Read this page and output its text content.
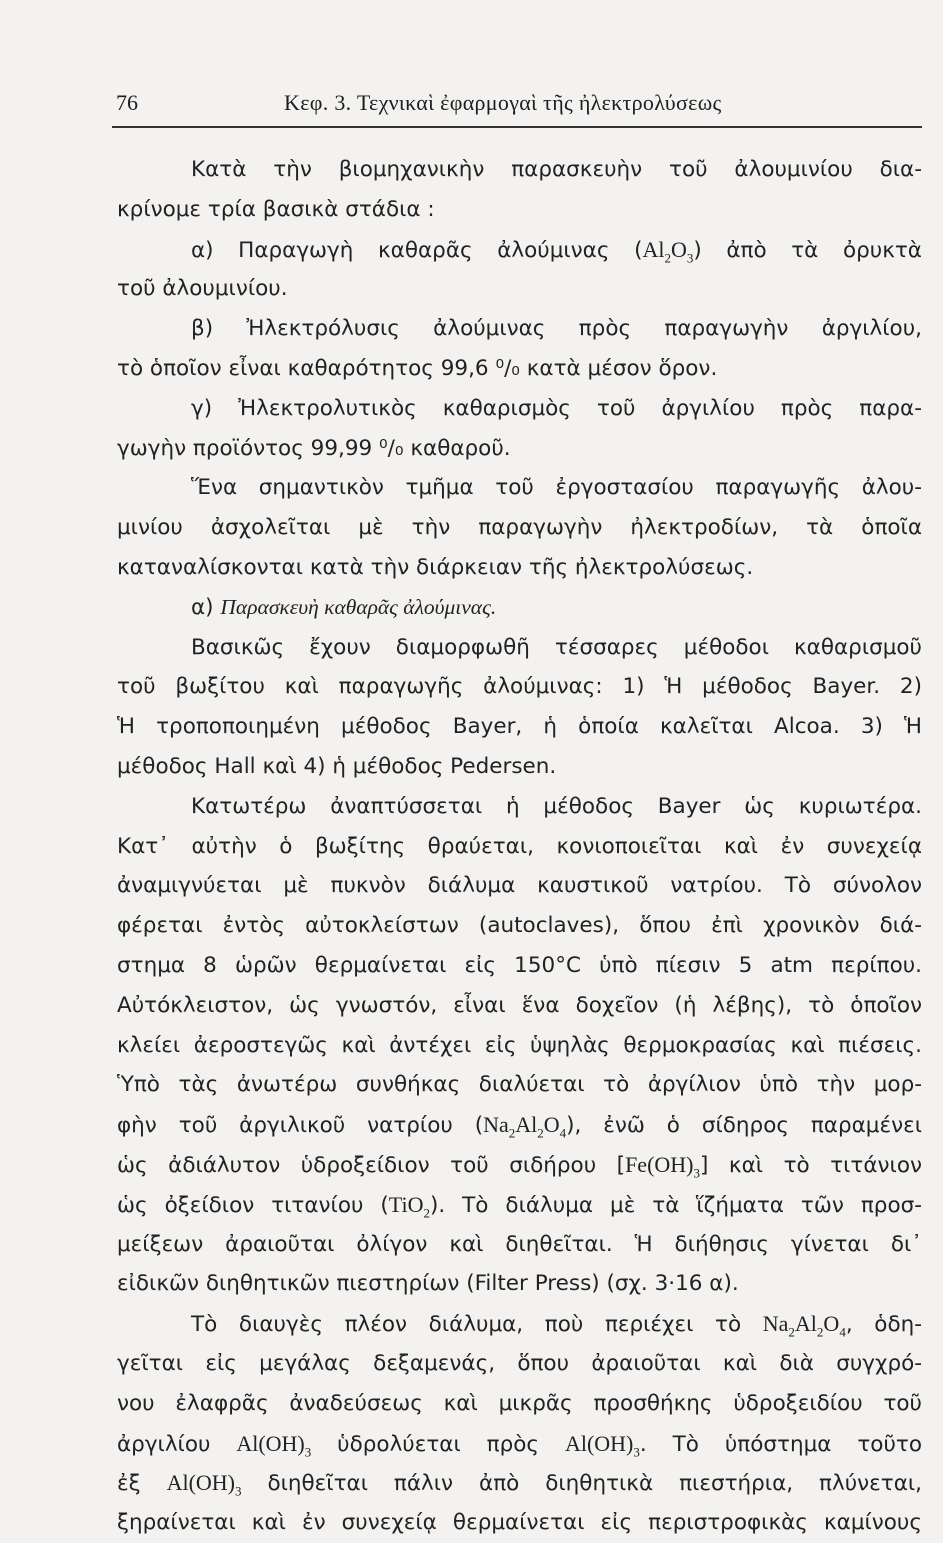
76	Κεφ. 3. Τεχνικαὶ ἐφαρμογαὶ τῆς ἠλεκτρολύσεως
Κατὰ τὴν βιομηχανικὴν παρασκευὴν τοῦ ἀλουμινίου δια-
κρίνομε τρία βασικὰ στάδια :
α) Παραγωγὴ καθαρᾶς ἀλούμινας $(Al_2O_3)$ ἀπὸ τὰ ὀρυκτὰ
τοῦ ἀλουμινίου.
β) Ἠλεκτρόλυσις ἀλούμινας πρὸς παραγωγὴν ἀργιλίου,
τὸ ὁποῖον εἶναι καθαρότητος 99,6 ⁰/₀ κατὰ μέσον ὅρον.
γ) Ἠλεκτρολυτικὸς καθαρισμὸς τοῦ ἀργιλίου πρὸς παρα-
γωγὴν προϊόντος 99,99 ⁰/₀ καθαροῦ.
Ἕνα σημαντικὸν τμῆμα τοῦ ἐργοστασίου παραγωγῆς ἀλου-
μινίου ἀσχολεῖται μὲ τὴν παραγωγὴν ἠλεκτροδίων, τὰ ὁποῖα
καταναλίσκονται κατὰ τὴν διάρκειαν τῆς ἠλεκτρολύσεως.
α) Παρασκευὴ καθαρᾶς ἀλούμινας.
Βασικῶς ἔχουν διαμορφωθῆ τέσσαρες μέθοδοι καθαρισμοῦ
τοῦ βωξίτου καὶ παραγωγῆς ἀλούμινας: 1) Ἡ μέθοδος Bayer. 2)
Ἡ τροποποιημένη μέθοδος Bayer, ἡ ὁποία καλεῖται Alcoa. 3) Ἡ
μέθοδος Hall καὶ 4) ἡ μέθοδος Pedersen.
Κατωτέρω ἀναπτύσσεται ἡ μέθοδος Bayer ὡς κυριωτέρα.
Κατ᾽ αὐτὴν ὁ βωξίτης θραύεται, κονιοποιεῖται καὶ ἐν συνεχείᾳ
ἀναμιγνύεται μὲ πυκνὸν διάλυμα καυστικοῦ νατρίου. Τὸ σύνολον
φέρεται ἐντὸς αὐτοκλείστων (autoclaves), ὅπου ἐπὶ χρονικὸν διά-
στημα 8 ὡρῶν θερμαίνεται εἰς 150°C ὑπὸ πίεσιν 5 atm περίπου.
Αὐτόκλειστον, ὡς γνωστόν, εἶναι ἕνα δοχεῖον (ἡ λέβης), τὸ ὁποῖον
κλείει ἀεροστεγῶς καὶ ἀντέχει εἰς ὑψηλὰς θερμοκρασίας καὶ πιέσεις.
Ὑπὸ τὰς ἀνωτέρω συνθήκας διαλύεται τὸ ἀργίλιον ὑπὸ τὴν μορ-
φὴν τοῦ ἀργιλικοῦ νατρίου $(Na_2Al_2O_4)$, ἐνῶ ὁ σίδηρος παραμένει
ὡς ἀδιάλυτον ὑδροξείδιον τοῦ σιδήρου $[Fe(OH)_3]$ καὶ τὸ τιτάνιον
ὡς ὀξείδιον τιτανίου (TiO$_2$). Τὸ διάλυμα μὲ τὰ ἵζήματα τῶν προσ-
μείξεων ἀραιοῦται ὀλίγον καὶ διηθεῖται. Ἡ διήθησις γίνεται δι᾽
εἰδικῶν διηθητικῶν πιεστηρίων (Filter Press) (σχ. 3·16 α).
Τὸ διαυγὲς πλέον διάλυμα, ποὺ περιέχει τὸ $Na_2Al_2O_4$, ὁδη-
γεῖται εἰς μεγάλας δεξαμενάς, ὅπου ἀραιοῦται καὶ διὰ συγχρό-
νου ἐλαφρᾶς ἀναδεύσεως καὶ μικρᾶς προσθήκης ὑδροξειδίου τοῦ
ἀργιλίου $Al(OH)_3$ ὑδρολύεται πρὸς $Al(OH)_3$. Τὸ ὑπόστημα τοῦτο
ἐξ $Al(OH)_3$ διηθεῖται πάλιν ἀπὸ διηθητικὰ πιεστήρια, πλύνεται,
ξηραίνεται καὶ ἐν συνεχείᾳ θερμαίνεται εἰς περιστροφικὰς καμίνους
